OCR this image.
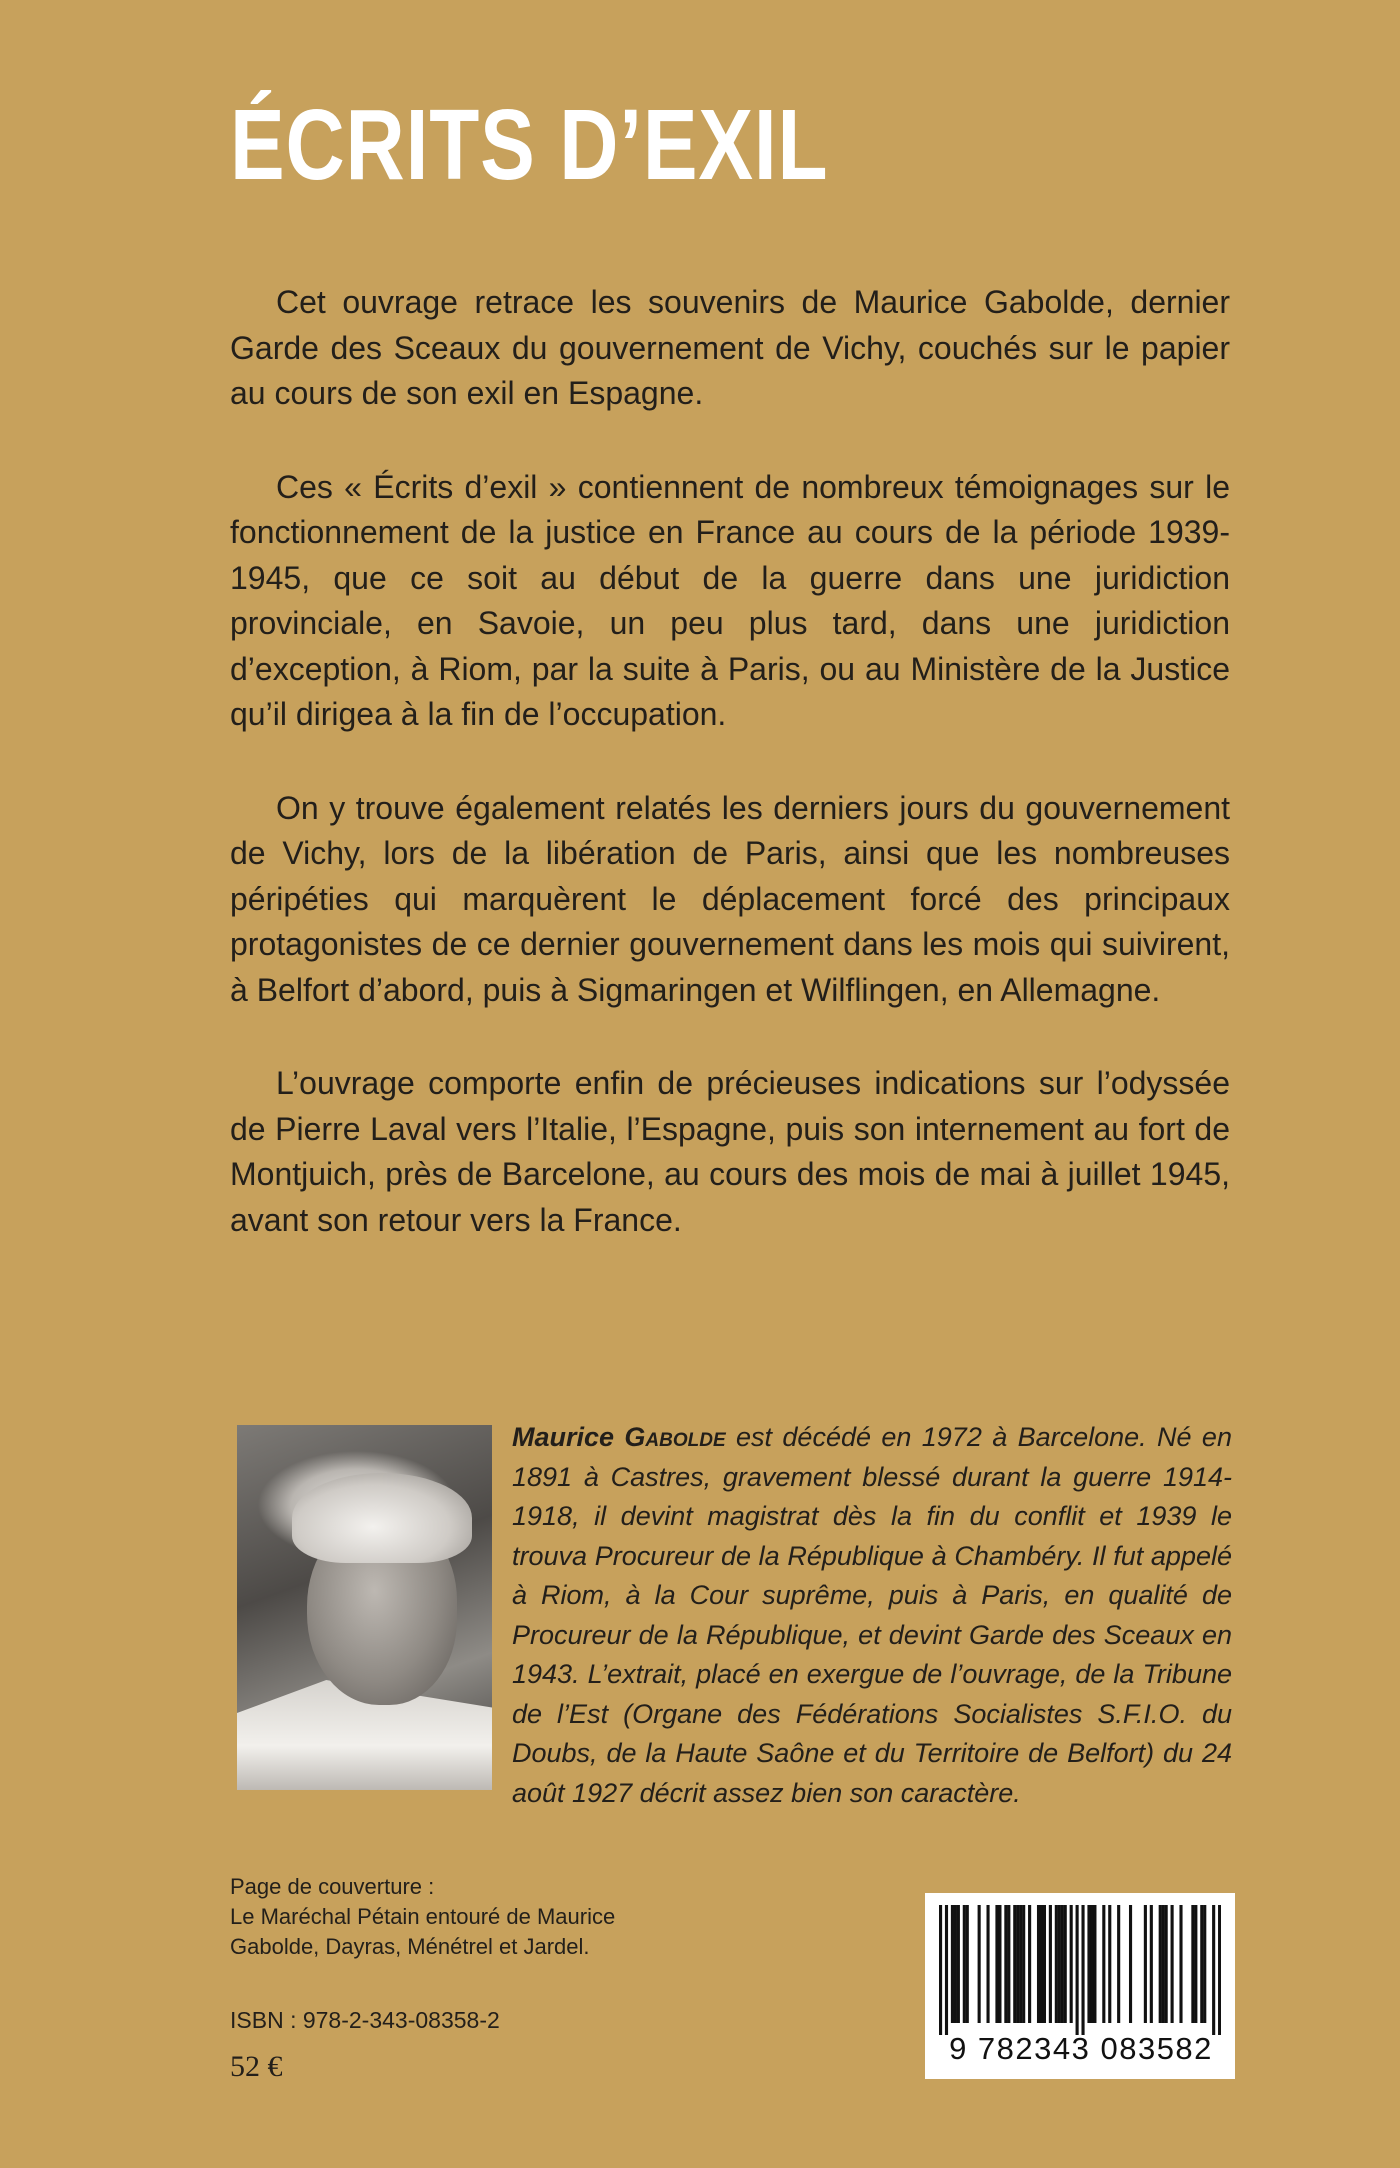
ÉCRITS D’EXIL

Cet ouvrage retrace les souvenirs de Maurice Gabolde, dernier Garde des Sceaux du gouvernement de Vichy, couchés sur le papier au cours de son exil en Espagne.

Ces « Écrits d’exil » contiennent de nombreux témoignages sur le fonctionnement de la justice en France au cours de la période 1939-1945, que ce soit au début de la guerre dans une juridiction provinciale, en Savoie, un peu plus tard, dans une juridiction d’exception, à Riom, par la suite à Paris, ou au Ministère de la Justice qu’il dirigea à la fin de l’occupation.

On y trouve également relatés les derniers jours du gouvernement de Vichy, lors de la libération de Paris, ainsi que les nombreuses péripéties qui marquèrent le déplacement forcé des principaux protagonistes de ce dernier gouvernement dans les mois qui suivirent, à Belfort d’abord, puis à Sigmaringen et Wilflingen, en Allemagne.

L’ouvrage comporte enfin de précieuses indications sur l’odyssée de Pierre Laval vers l’Italie, l’Espagne, puis son internement au fort de Montjuich, près de Barcelone, au cours des mois de mai à juillet 1945, avant son retour vers la France.

Maurice Gabolde est décédé en 1972 à Barcelone. Né en 1891 à Castres, gravement blessé durant la guerre 1914-1918, il devint magistrat dès la fin du conflit et 1939 le trouva Procureur de la République à Chambéry. Il fut appelé à Riom, à la Cour suprême, puis à Paris, en qualité de Procureur de la République, et devint Garde des Sceaux en 1943. L’extrait, placé en exergue de l’ouvrage, de la Tribune de l’Est (Organe des Fédérations Socialistes S.F.I.O. du Doubs, de la Haute Saône et du Territoire de Belfort) du 24 août 1927 décrit assez bien son caractère.

Page de couverture :
Le Maréchal Pétain entouré de Maurice
Gabolde, Dayras, Ménétrel et Jardel.
ISBN : 978-2-343-08358-2
52 €
9 782343 083582
